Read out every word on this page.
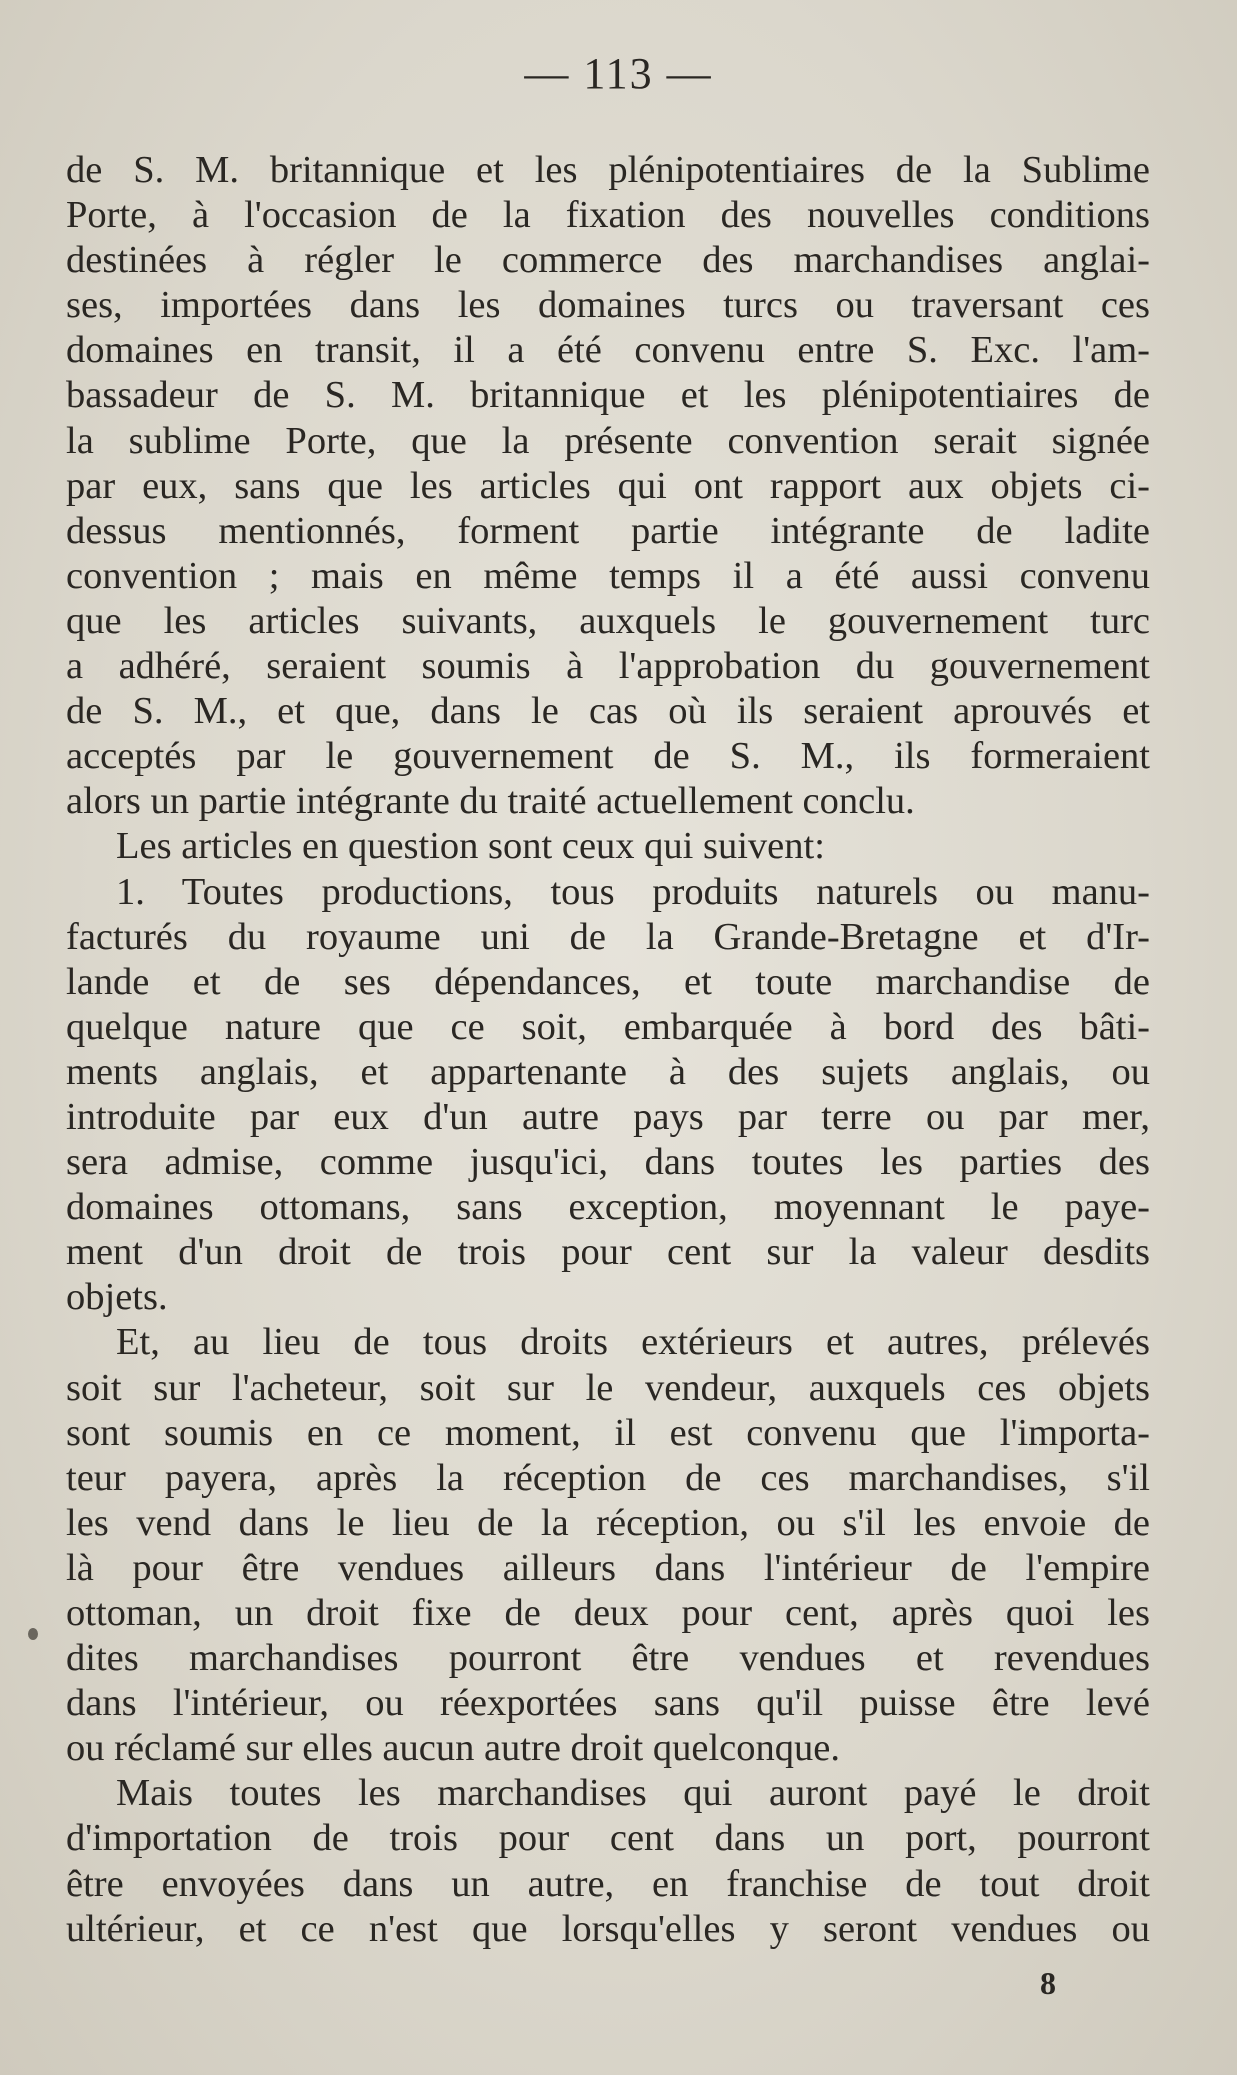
— 113 —
de S. M. britannique et les plénipotentiaires de la Sublime
Porte, à l'occasion de la fixation des nouvelles conditions
destinées à régler le commerce des marchandises anglai-
ses, importées dans les domaines turcs ou traversant ces
domaines en transit, il a été convenu entre S. Exc. l'am-
bassadeur de S. M. britannique et les plénipotentiaires de
la sublime Porte, que la présente convention serait signée
par eux, sans que les articles qui ont rapport aux objets ci-
dessus mentionnés, forment partie intégrante de ladite
convention ; mais en même temps il a été aussi convenu
que les articles suivants, auxquels le gouvernement turc
a adhéré, seraient soumis à l'approbation du gouvernement
de S. M., et que, dans le cas où ils seraient aprouvés et
acceptés par le gouvernement de S. M., ils formeraient
alors un partie intégrante du traité actuellement conclu.
Les articles en question sont ceux qui suivent:
1. Toutes productions, tous produits naturels ou manu-
facturés du royaume uni de la Grande-Bretagne et d'Ir-
lande et de ses dépendances, et toute marchandise de
quelque nature que ce soit, embarquée à bord des bâti-
ments anglais, et appartenante à des sujets anglais, ou
introduite par eux d'un autre pays par terre ou par mer,
sera admise, comme jusqu'ici, dans toutes les parties des
domaines ottomans, sans exception, moyennant le paye-
ment d'un droit de trois pour cent sur la valeur desdits
objets.
Et, au lieu de tous droits extérieurs et autres, prélevés
soit sur l'acheteur, soit sur le vendeur, auxquels ces objets
sont soumis en ce moment, il est convenu que l'importa-
teur payera, après la réception de ces marchandises, s'il
les vend dans le lieu de la réception, ou s'il les envoie de
là pour être vendues ailleurs dans l'intérieur de l'empire
ottoman, un droit fixe de deux pour cent, après quoi les
dites marchandises pourront être vendues et revendues
dans l'intérieur, ou réexportées sans qu'il puisse être levé
ou réclamé sur elles aucun autre droit quelconque.
Mais toutes les marchandises qui auront payé le droit
d'importation de trois pour cent dans un port, pourront
être envoyées dans un autre, en franchise de tout droit
ultérieur, et ce n'est que lorsqu'elles y seront vendues ou
8
